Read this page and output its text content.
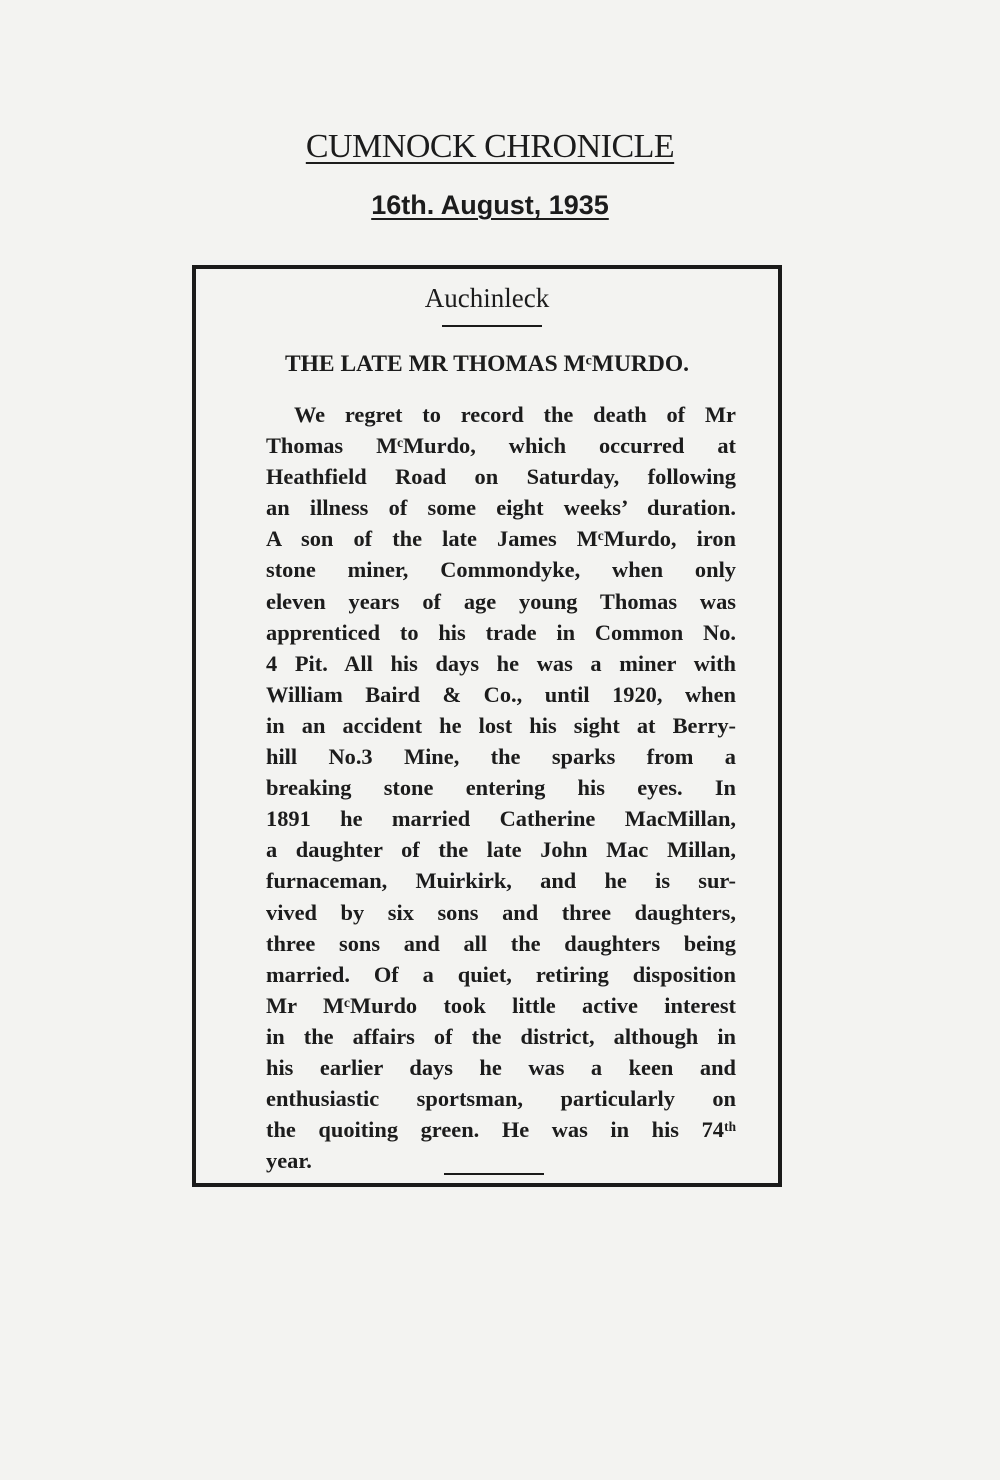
CUMNOCK CHRONICLE
16th. August, 1935
Auchinleck
THE LATE MR THOMAS MᶜMURDO.
We regret to record the death of Mr
Thomas MᶜMurdo, which occurred at
Heathfield Road on Saturday, following
an illness of some eight weeks’ duration.
A son of the late James MᶜMurdo, iron
stone miner, Commondyke, when only
eleven years of age young Thomas was
apprenticed to his trade in Common No.
4 Pit. All his days he was a miner with
William Baird & Co., until 1920, when
in an accident he lost his sight at Berry-
hill No.3 Mine, the sparks from a
breaking stone entering his eyes. In
1891 he married Catherine MacMillan,
a daughter of the late John Mac Millan,
furnaceman, Muirkirk, and he is sur-
vived by six sons and three daughters,
three sons and all the daughters being
married. Of a quiet, retiring disposition
Mr MᶜMurdo took little active interest
in the affairs of the district, although in
his earlier days he was a keen and
enthusiastic sportsman, particularly on
the quoiting green. He was in his 74ᵗʰ
year.
